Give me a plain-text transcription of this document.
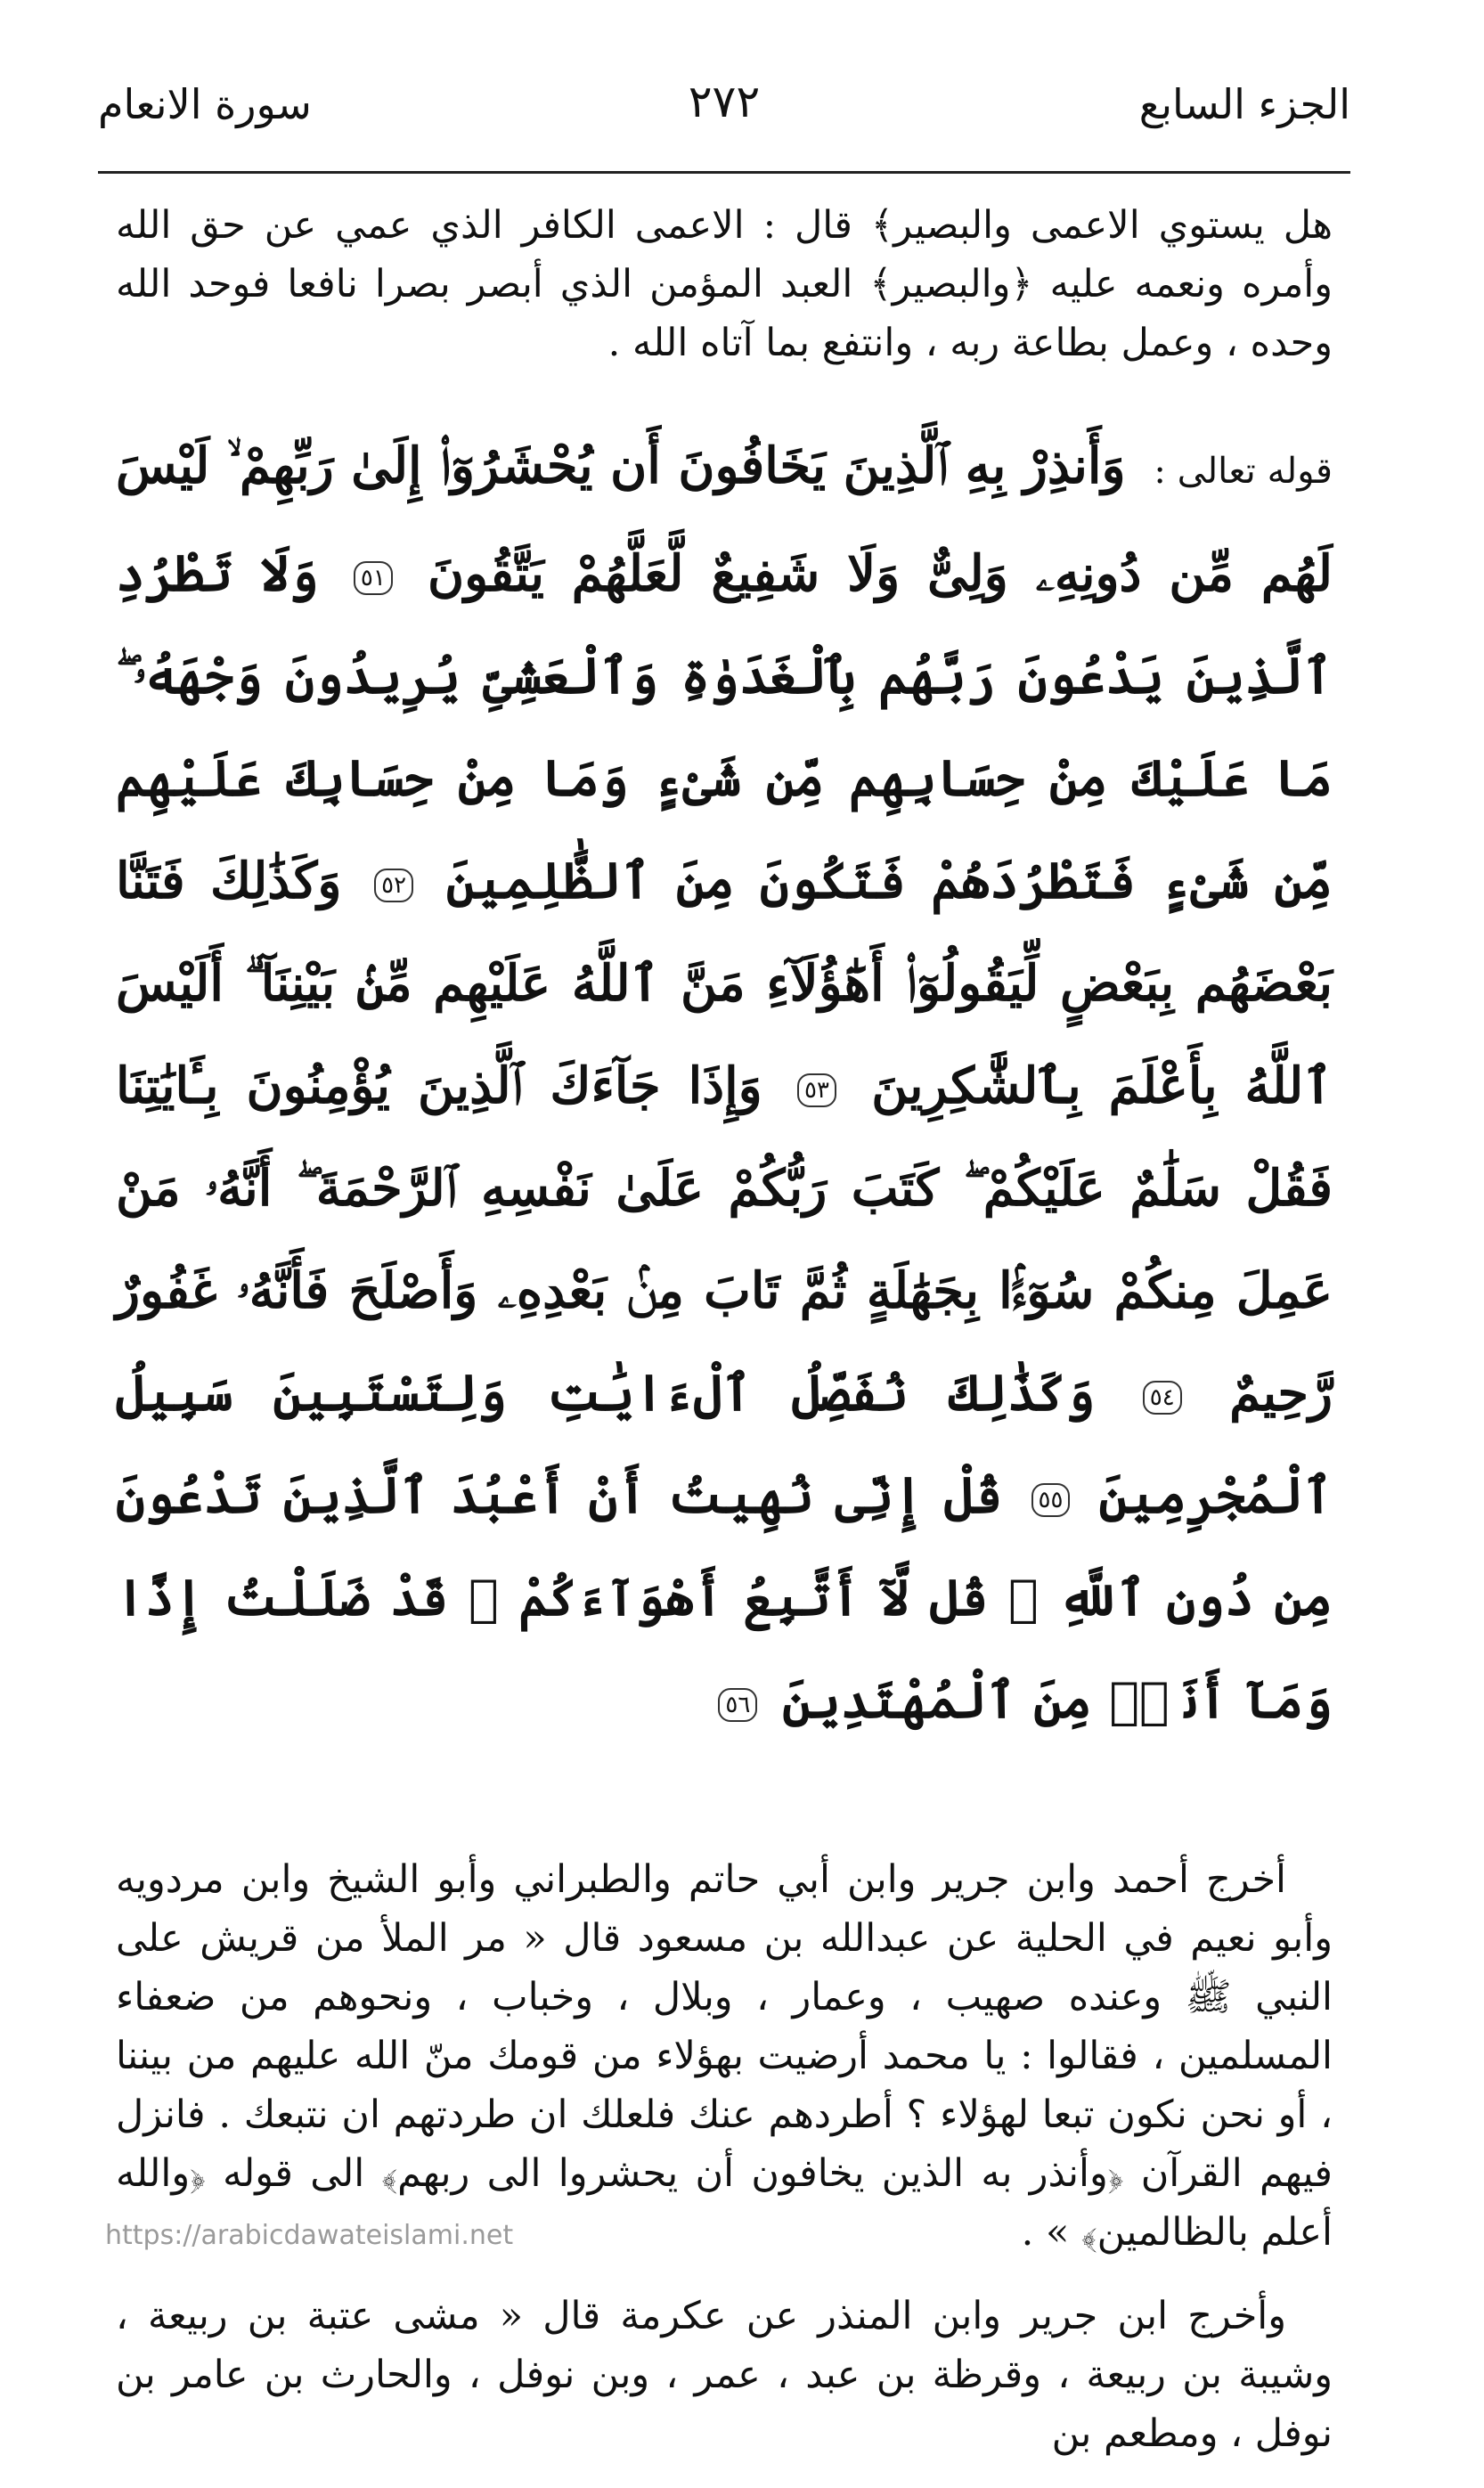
الجزء السابع
٢٧٢
سورة الانعام

هل يستوي الاعمى والبصير﴾ قال : الاعمى الكافر الذي عمي عن حق الله وأمره ونعمه عليه ﴿والبصير﴾ العبد المؤمن الذي أبصر بصرا نافعا فوحد الله وحده ، وعمل بطاعة ربه ، وانتفع بما آتاه الله .

قوله تعالى : وَأَنذِرْ بِهِ ٱلَّذِينَ يَخَافُونَ أَن يُحْشَرُوٓا۟ إِلَىٰ رَبِّهِمْ ۙ لَيْسَ لَهُم مِّن دُونِهِۦ وَلِىٌّ وَلَا شَفِيعٌ لَّعَلَّهُمْ يَتَّقُونَ ٥١ وَلَا تَطْرُدِ ٱلَّذِينَ يَدْعُونَ رَبَّهُم بِٱلْغَدَوٰةِ وَٱلْعَشِىِّ يُرِيدُونَ وَجْهَهُۥ ۖ مَا عَلَيْكَ مِنْ حِسَابِهِم مِّن شَىْءٍ وَمَا مِنْ حِسَابِكَ عَلَيْهِم مِّن شَىْءٍ فَتَطْرُدَهُمْ فَتَكُونَ مِنَ ٱلظَّٰلِمِينَ ٥٢ وَكَذَٰلِكَ فَتَنَّا بَعْضَهُم بِبَعْضٍ لِّيَقُولُوٓا۟ أَهَٰٓؤُلَآءِ مَنَّ ٱللَّهُ عَلَيْهِم مِّنۢ بَيْنِنَآ ۗ أَلَيْسَ ٱللَّهُ بِأَعْلَمَ بِٱلشَّٰكِرِينَ ٥٣ وَإِذَا جَآءَكَ ٱلَّذِينَ يُؤْمِنُونَ بِـَٔايَٰتِنَا فَقُلْ سَلَٰمٌ عَلَيْكُمْ ۖ كَتَبَ رَبُّكُمْ عَلَىٰ نَفْسِهِ ٱلرَّحْمَةَ ۖ أَنَّهُۥ مَنْ عَمِلَ مِنكُمْ سُوٓءًۢا بِجَهَٰلَةٍ ثُمَّ تَابَ مِنۢ بَعْدِهِۦ وَأَصْلَحَ فَأَنَّهُۥ غَفُورٌ رَّحِيمٌ ٥٤ وَكَذَٰلِكَ نُفَصِّلُ ٱلْءَايَٰتِ وَلِتَسْتَبِينَ سَبِيلُ ٱلْمُجْرِمِينَ ٥٥ قُلْ إِنِّى نُهِيتُ أَنْ أَعْبُدَ ٱلَّذِينَ تَدْعُونَ مِن دُونِ ٱللَّهِ ۚ قُل لَّآ أَتَّبِعُ أَهْوَآءَكُمْ ۙ قَدْ ضَلَلْتُ إِذًا وَمَآ أَنَا۠ مِنَ ٱلْمُهْتَدِينَ ٥٦

أخرج أحمد وابن جرير وابن أبي حاتم والطبراني وأبو الشيخ وابن مردويه وأبو نعيم في الحلية عن عبدالله بن مسعود قال « مر الملأ من قريش على النبي ﷺ وعنده صهيب ، وعمار ، وبلال ، وخباب ، ونحوهم من ضعفاء المسلمين ، فقالوا : يا محمد أرضيت بهؤلاء من قومك منّ الله عليهم من بيننا ، أو نحن نكون تبعا لهؤلاء ؟ أطردهم عنك فلعلك ان طردتهم ان نتبعك . فانزل فيهم القرآن ﴿وأنذر به الذين يخافون أن يحشروا الى ربهم﴾ الى قوله ﴿والله أعلم بالظالمين﴾ » .

وأخرج ابن جرير وابن المنذر عن عكرمة قال « مشى عتبة بن ربيعة ، وشيبة بن ربيعة ، وقرظة بن عبد ، عمر ، وبن نوفل ، والحارث بن عامر بن نوفل ، ومطعم بن

https://arabicdawateislami.net
